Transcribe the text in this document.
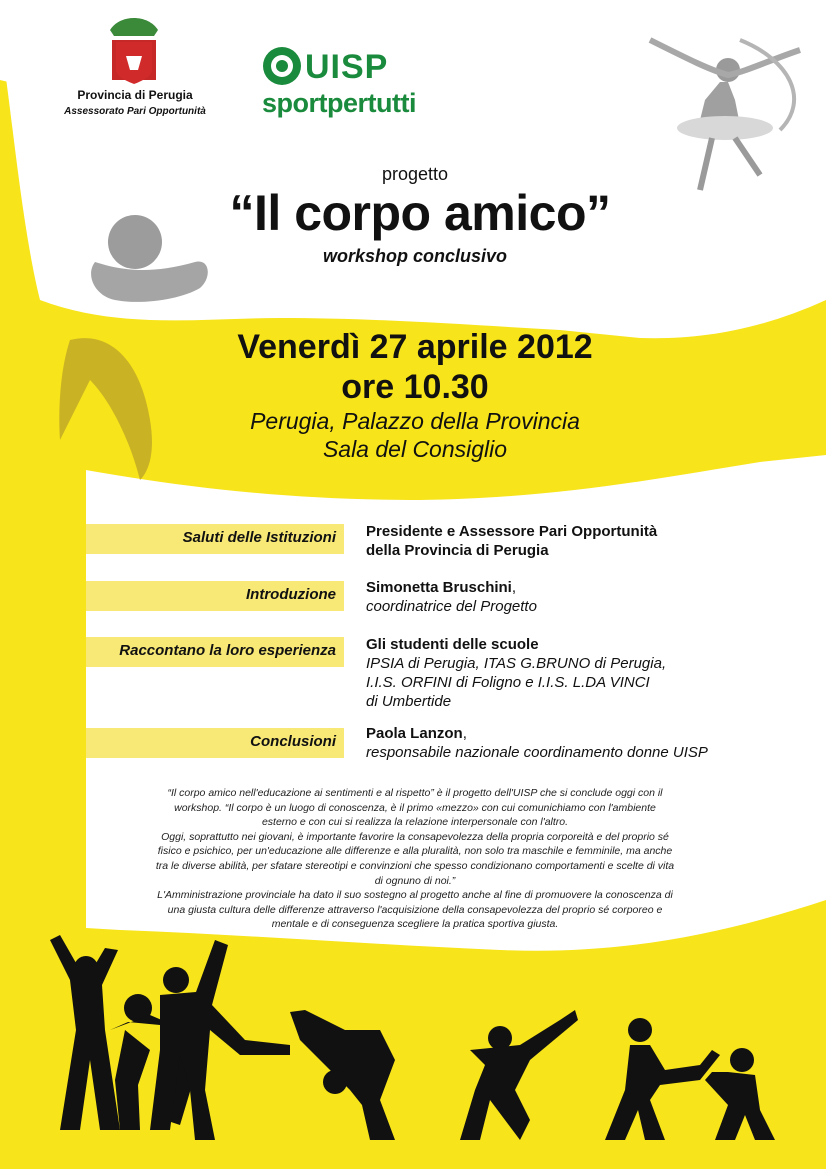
Provincia di Perugia
Assessorato Pari Opportunità
UISP
sportpertutti
progetto
“Il corpo amico”
workshop conclusivo
Venerdì 27 aprile 2012
ore 10.30
Perugia, Palazzo della Provincia
Sala del Consiglio
Saluti delle Istituzioni Presidente e Assessore Pari Opportunità
della Provincia di Perugia
Introduzione Simonetta Bruschini,
coordinatrice del Progetto
Raccontano la loro esperienza Gli studenti delle scuole
IPSIA di Perugia, ITAS G.BRUNO di Perugia,
I.I.S. ORFINI di Foligno e I.I.S. L.DA VINCI
di Umbertide
Conclusioni Paola Lanzon,
responsabile nazionale coordinamento donne UISP

“Il corpo amico nell'educazione ai sentimenti e al rispetto” è il progetto dell'UISP che si conclude oggi con il

workshop. “Il corpo è un luogo di conoscenza, è il primo «mezzo» con cui comunichiamo con l'ambiente

esterno e con cui si realizza la relazione interpersonale con l'altro.

Oggi, soprattutto nei giovani, è importante favorire la consapevolezza della propria corporeità e del proprio sé

fisico e psichico, per un'educazione alle differenze e alla pluralità, non solo tra maschile e femminile, ma anche

tra le diverse abilità, per sfatare stereotipi e convinzioni che spesso condizionano comportamenti e scelte di vita

di ognuno di noi.”

L'Amministrazione provinciale ha dato il suo sostegno al progetto anche al fine di promuovere la conoscenza di

una giusta cultura delle differenze attraverso l'acquisizione della consapevolezza del proprio sé corporeo e

mentale e di conseguenza scegliere la pratica sportiva giusta.
